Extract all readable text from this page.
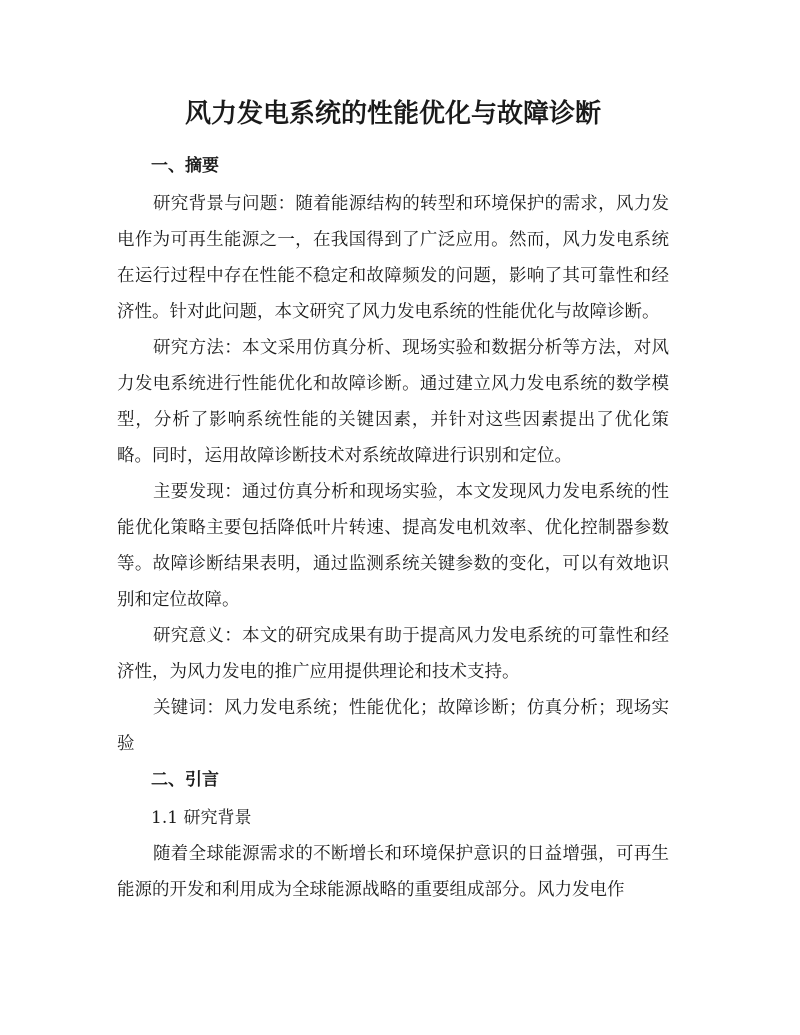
风力发电系统的性能优化与故障诊断
一、摘要

研究背景与问题：随着能源结构的转型和环境保护的需求，风力发电作为可再生能源之一，在我国得到了广泛应用。然而，风力发电系统在运行过程中存在性能不稳定和故障频发的问题，影响了其可靠性和经济性。针对此问题，本文研究了风力发电系统的性能优化与故障诊断。

研究方法：本文采用仿真分析、现场实验和数据分析等方法，对风力发电系统进行性能优化和故障诊断。通过建立风力发电系统的数学模型，分析了影响系统性能的关键因素，并针对这些因素提出了优化策略。同时，运用故障诊断技术对系统故障进行识别和定位。

主要发现：通过仿真分析和现场实验，本文发现风力发电系统的性能优化策略主要包括降低叶片转速、提高发电机效率、优化控制器参数等。故障诊断结果表明，通过监测系统关键参数的变化，可以有效地识别和定位故障。

研究意义：本文的研究成果有助于提高风力发电系统的可靠性和经济性，为风力发电的推广应用提供理论和技术支持。

关键词：风力发电系统；性能优化；故障诊断；仿真分析；现场实验

二、引言
1.1 研究背景

随着全球能源需求的不断增长和环境保护意识的日益增强，可再生能源的开发和利用成为全球能源战略的重要组成部分。风力发电作
